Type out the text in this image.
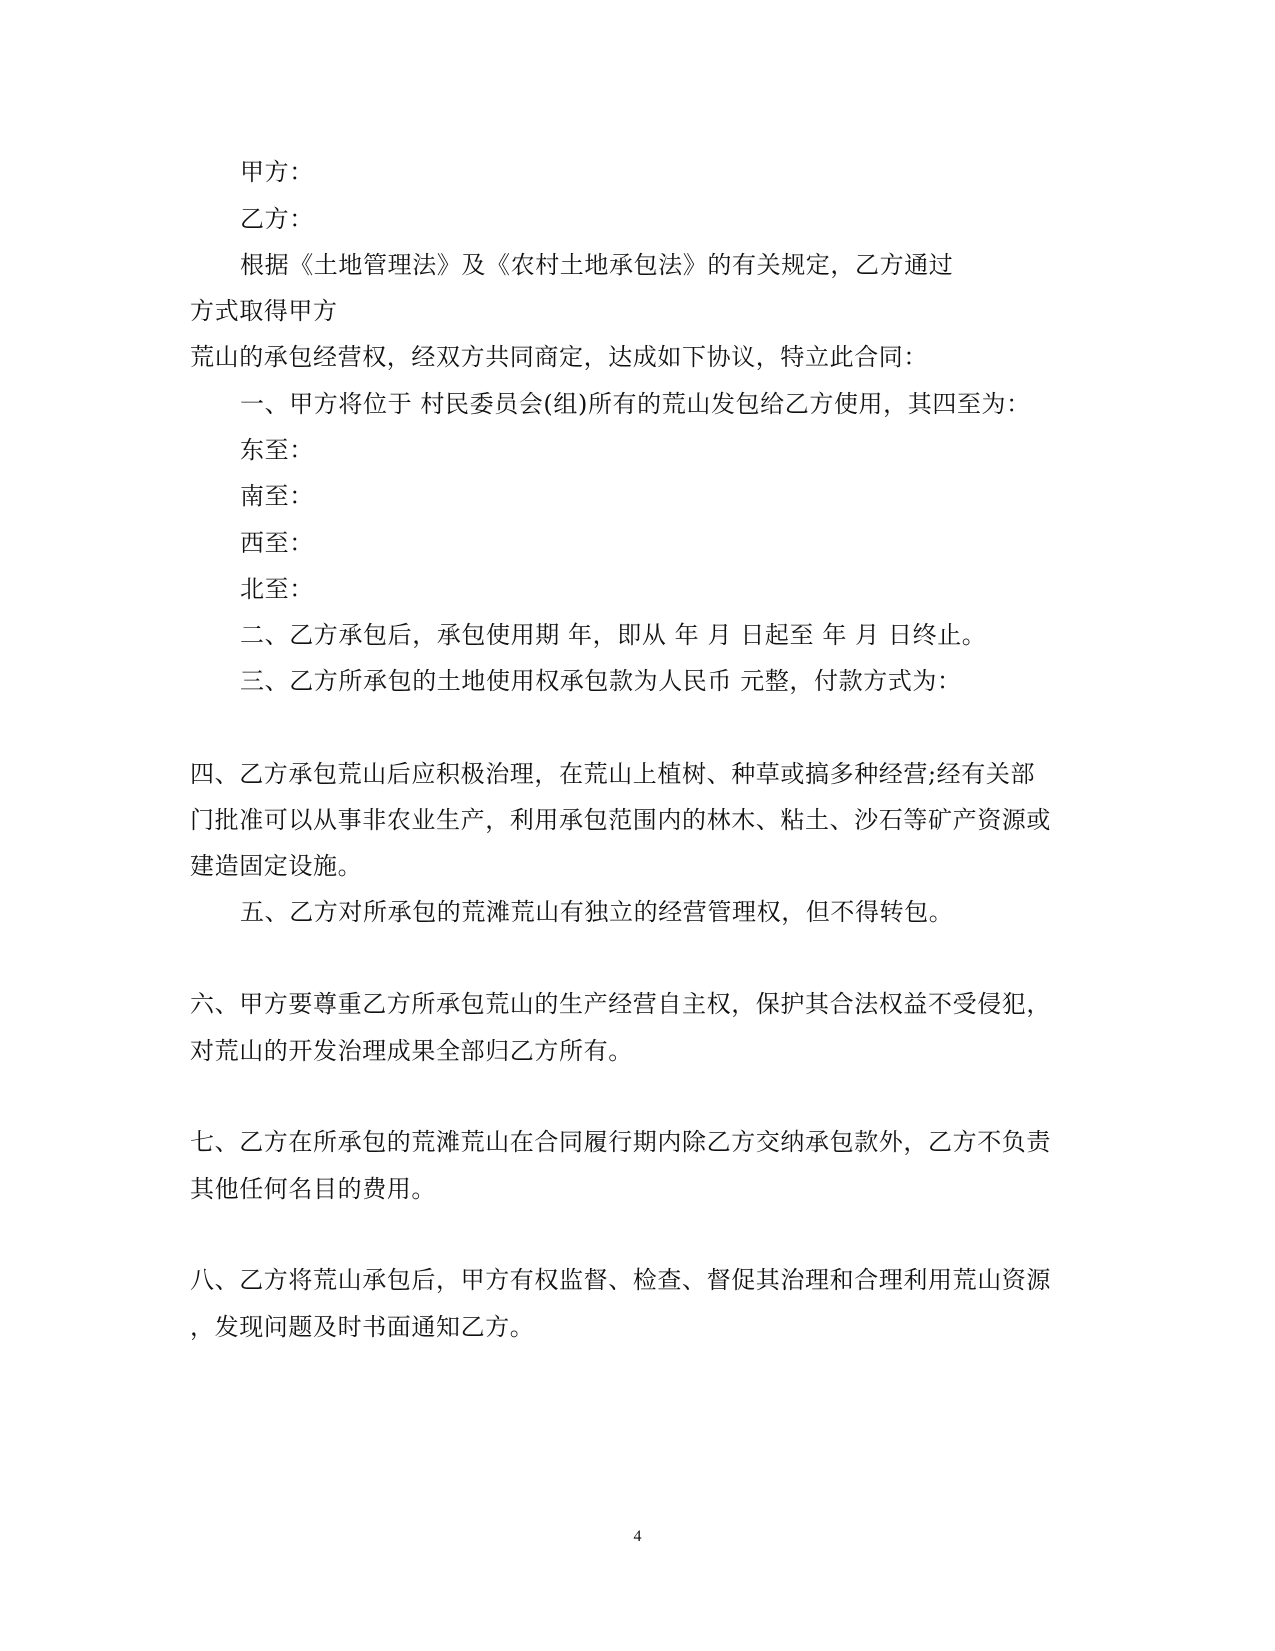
甲方：
乙方：
根据《土地管理法》及《农村土地承包法》的有关规定，乙方通过
方式取得甲方
荒山的承包经营权，经双方共同商定，达成如下协议，特立此合同：
一、甲方将位于 村民委员会(组)所有的荒山发包给乙方使用，其四至为：
东至：
南至：
西至：
北至：
二、乙方承包后，承包使用期 年，即从 年 月 日起至 年 月 日终止。
三、乙方所承包的土地使用权承包款为人民币 元整，付款方式为：
四、乙方承包荒山后应积极治理，在荒山上植树、种草或搞多种经营;经有关部
门批准可以从事非农业生产，利用承包范围内的林木、粘土、沙石等矿产资源或
建造固定设施。
五、乙方对所承包的荒滩荒山有独立的经营管理权，但不得转包。
六、甲方要尊重乙方所承包荒山的生产经营自主权，保护其合法权益不受侵犯，
对荒山的开发治理成果全部归乙方所有。
七、乙方在所承包的荒滩荒山在合同履行期内除乙方交纳承包款外，乙方不负责
其他任何名目的费用。
八、乙方将荒山承包后，甲方有权监督、检查、督促其治理和合理利用荒山资源
，发现问题及时书面通知乙方。
4
